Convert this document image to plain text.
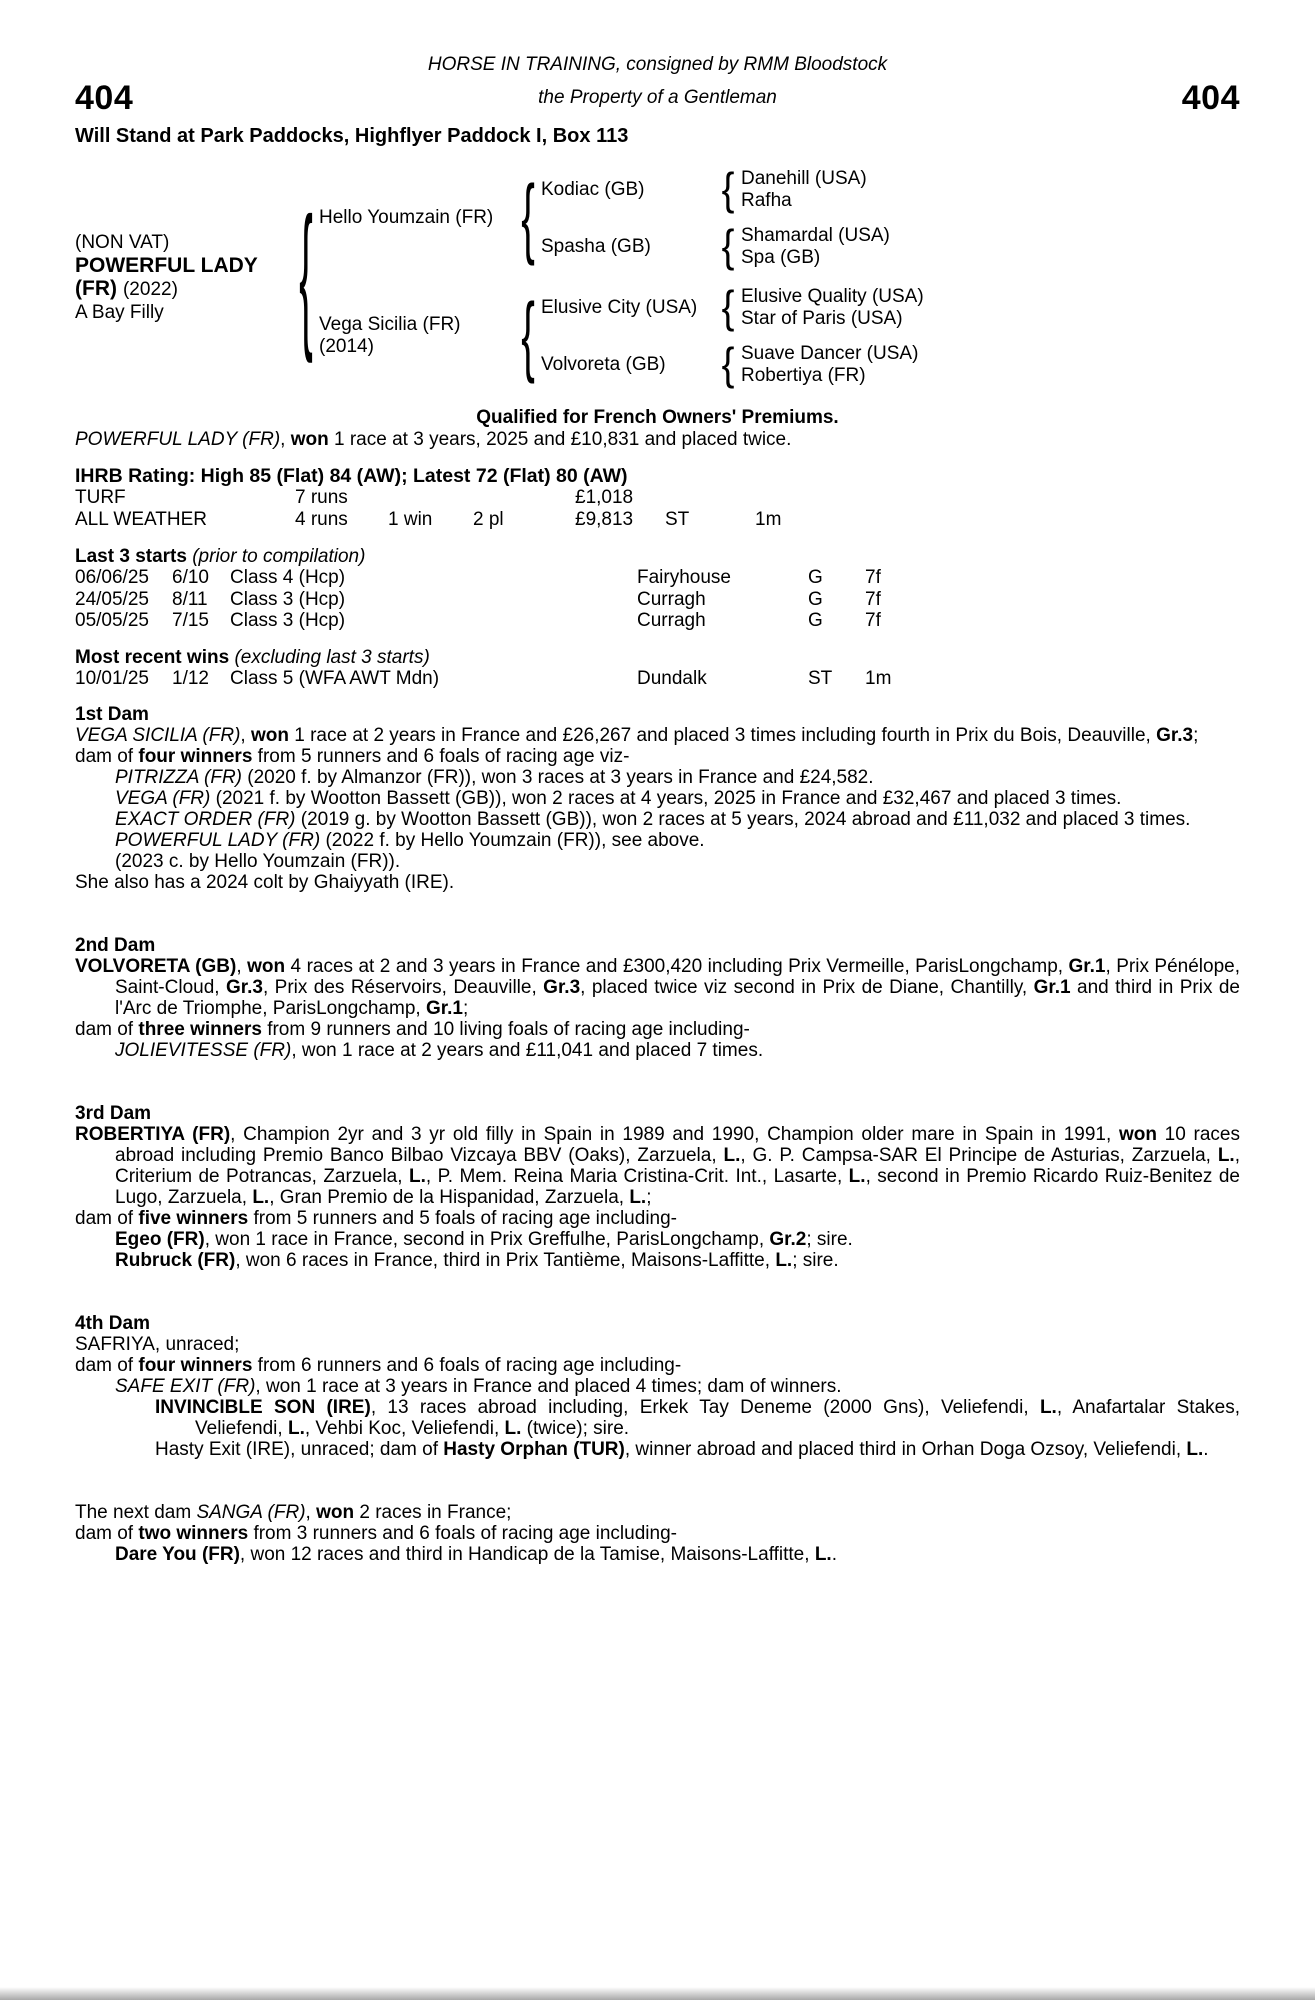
HORSE IN TRAINING, consigned by RMM Bloodstock
404	the Property of a Gentleman	404
Will Stand at Park Paddocks, Highflyer Paddock I, Box 113
(NON VAT)
POWERFUL LADY
(FR) (2022)
A Bay Filly	{ Hello Youmzain (FR) { Kodiac (GB)	{ Danehill (USA)
Rafha
Spasha (GB)	{ Shamardal (USA)
Spa (GB)
Vega Sicilia (FR)
(2014)	{ Elusive City (USA) { Elusive Quality (USA)
Star of Paris (USA)
Volvoreta (GB)	{ Suave Dancer (USA)
Robertiya (FR)
Qualified for French Owners' Premiums.
POWERFUL LADY (FR), won 1 race at 3 years, 2025 and £10,831 and placed twice.
IHRB Rating: High 85 (Flat) 84 (AW); Latest 72 (Flat) 80 (AW)
TURF	7 runs	£1,018
ALL WEATHER	4 runs	1 win	2 pl	£9,813	ST	1m
Last 3 starts (prior to compilation)
06/06/25	6/10	Class 4 (Hcp)	Fairyhouse	G	7f
24/05/25	8/11	Class 3 (Hcp)	Curragh	G	7f
05/05/25	7/15	Class 3 (Hcp)	Curragh	G	7f
Most recent wins (excluding last 3 starts)
10/01/25	1/12	Class 5 (WFA AWT Mdn)	Dundalk	ST	1m
1st Dam
VEGA SICILIA (FR), won 1 race at 2 years in France and £26,267 and placed 3 times including fourth in Prix du Bois, Deauville, Gr.3;
dam of four winners from 5 runners and 6 foals of racing age viz-
PITRIZZA (FR) (2020 f. by Almanzor (FR)), won 3 races at 3 years in France and £24,582.
VEGA (FR) (2021 f. by Wootton Bassett (GB)), won 2 races at 4 years, 2025 in France and £32,467 and placed 3 times.
EXACT ORDER (FR) (2019 g. by Wootton Bassett (GB)), won 2 races at 5 years, 2024 abroad and £11,032 and placed 3 times.
POWERFUL LADY (FR) (2022 f. by Hello Youmzain (FR)), see above.
(2023 c. by Hello Youmzain (FR)).
She also has a 2024 colt by Ghaiyyath (IRE).
2nd Dam
VOLVORETA (GB), won 4 races at 2 and 3 years in France and £300,420 including Prix Vermeille, ParisLongchamp, Gr.1, Prix Pénélope, Saint-Cloud, Gr.3, Prix des Réservoirs, Deauville, Gr.3, placed twice viz second in Prix de Diane, Chantilly, Gr.1 and third in Prix de l'Arc de Triomphe, ParisLongchamp, Gr.1;
dam of three winners from 9 runners and 10 living foals of racing age including-
JOLIEVITESSE (FR), won 1 race at 2 years and £11,041 and placed 7 times.
3rd Dam
ROBERTIYA (FR), Champion 2yr and 3 yr old filly in Spain in 1989 and 1990, Champion older mare in Spain in 1991, won 10 races abroad including Premio Banco Bilbao Vizcaya BBV (Oaks), Zarzuela, L., G. P. Campsa-SAR El Principe de Asturias, Zarzuela, L., Criterium de Potrancas, Zarzuela, L., P. Mem. Reina Maria Cristina-Crit. Int., Lasarte, L., second in Premio Ricardo Ruiz-Benitez de Lugo, Zarzuela, L., Gran Premio de la Hispanidad, Zarzuela, L.;
dam of five winners from 5 runners and 5 foals of racing age including-
Egeo (FR), won 1 race in France, second in Prix Greffulhe, ParisLongchamp, Gr.2; sire.
Rubruck (FR), won 6 races in France, third in Prix Tantième, Maisons-Laffitte, L.; sire.
4th Dam
SAFRIYA, unraced;
dam of four winners from 6 runners and 6 foals of racing age including-
SAFE EXIT (FR), won 1 race at 3 years in France and placed 4 times; dam of winners.
INVINCIBLE SON (IRE), 13 races abroad including, Erkek Tay Deneme (2000 Gns), Veliefendi, L., Anafartalar Stakes, Veliefendi, L., Vehbi Koc, Veliefendi, L. (twice); sire.
Hasty Exit (IRE), unraced; dam of Hasty Orphan (TUR), winner abroad and placed third in Orhan Doga Ozsoy, Veliefendi, L..
The next dam SANGA (FR), won 2 races in France;
dam of two winners from 3 runners and 6 foals of racing age including-
Dare You (FR), won 12 races and third in Handicap de la Tamise, Maisons-Laffitte, L..
